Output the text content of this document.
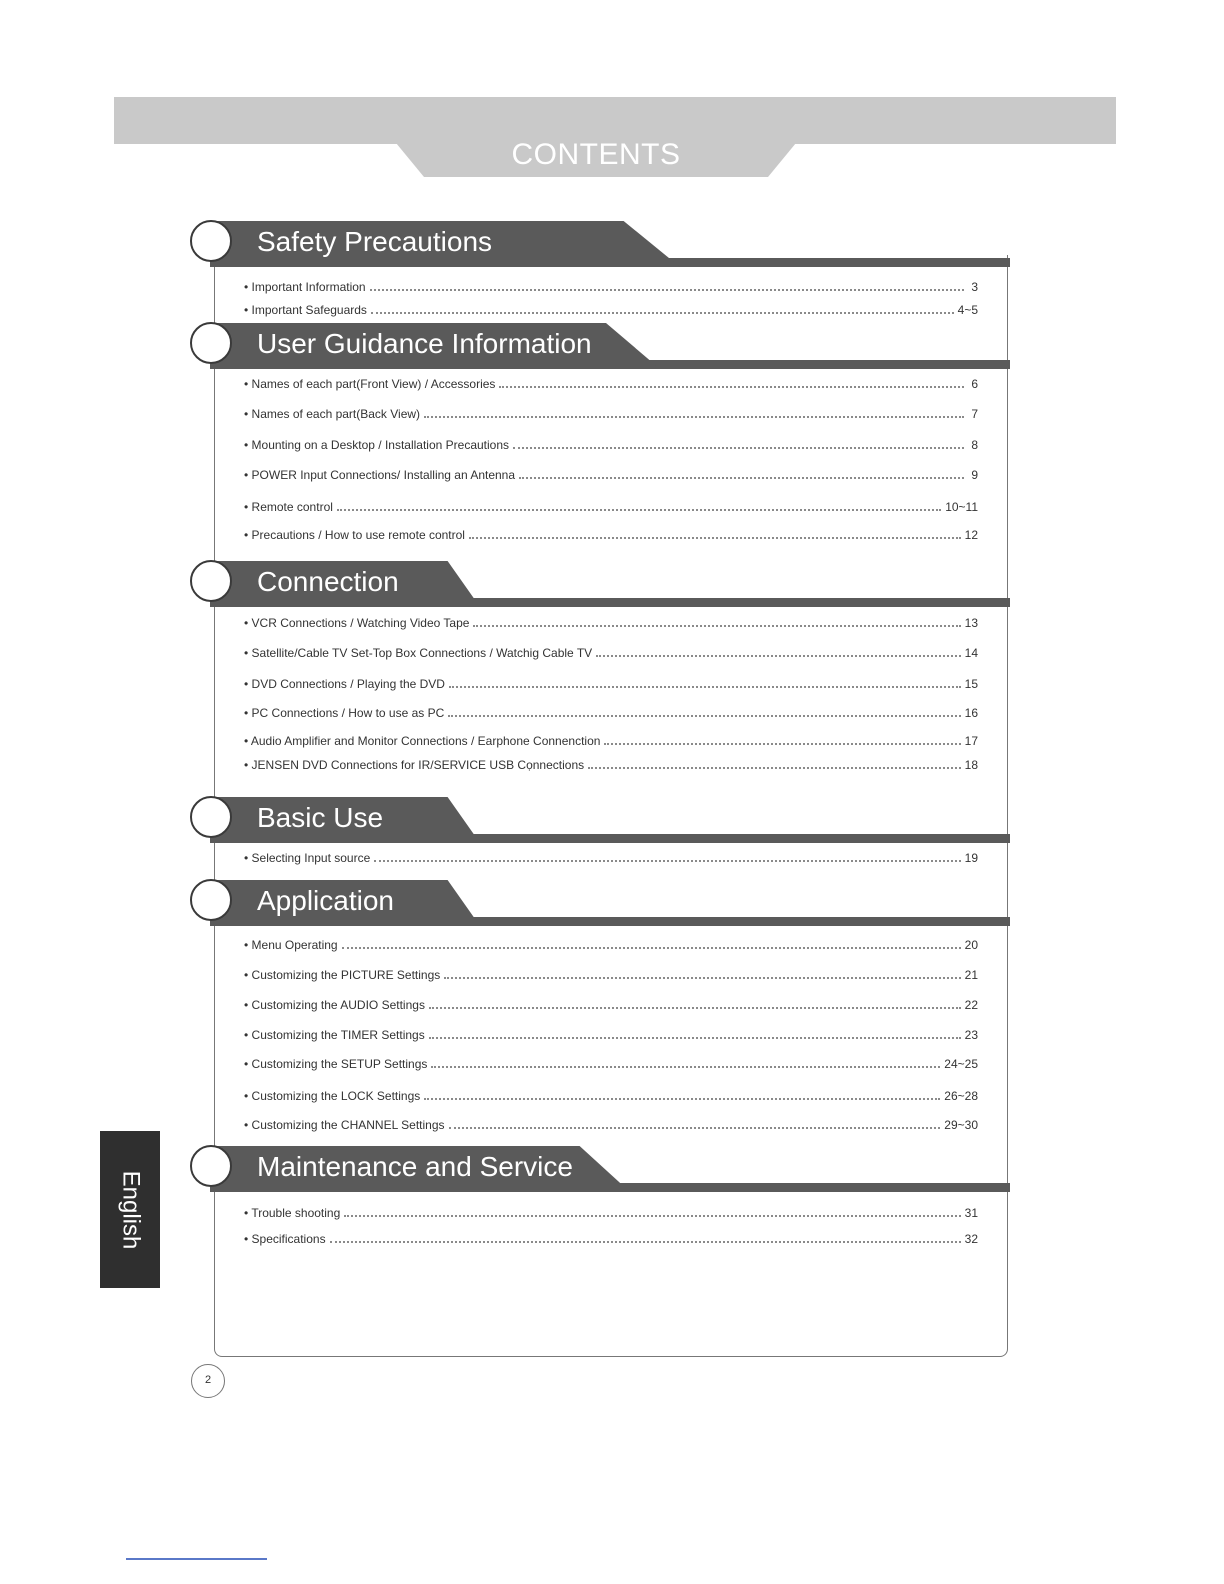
CONTENTS
Safety Precautions
• Important Information	3
• Important Safeguards	4~5
User Guidance Information
• Names of each part(Front View) / Accessories	6
• Names of each part(Back View)	7
• Mounting on a Desktop / Installation Precautions	8
• POWER Input Connections/ Installing an Antenna	9
• Remote control	10~11
• Precautions / How to use remote control	12
Connection
• VCR Connections / Watching Video Tape	13
• Satellite/Cable TV Set-Top Box Connections / Watchig Cable TV	14
• DVD Connections / Playing the DVD	15
• PC Connections / How to use as PC	16
• Audio Amplifier and Monitor Connections / Earphone Connenction	17
• JENSEN DVD Connections for IR/SERVICE USB Cọnnections	18
Basic Use
• Selecting Input source	19
Application
• Menu Operating	20
• Customizing the PICTURE Settings	21
• Customizing the AUDIO Settings	22
• Customizing the TIMER Settings	23
• Customizing the SETUP Settings	24~25
• Customizing the LOCK Settings	26~28
• Customizing the CHANNEL Settings	29~30
Maintenance and Service
• Trouble shooting	31
• Specifications	32
English
2
